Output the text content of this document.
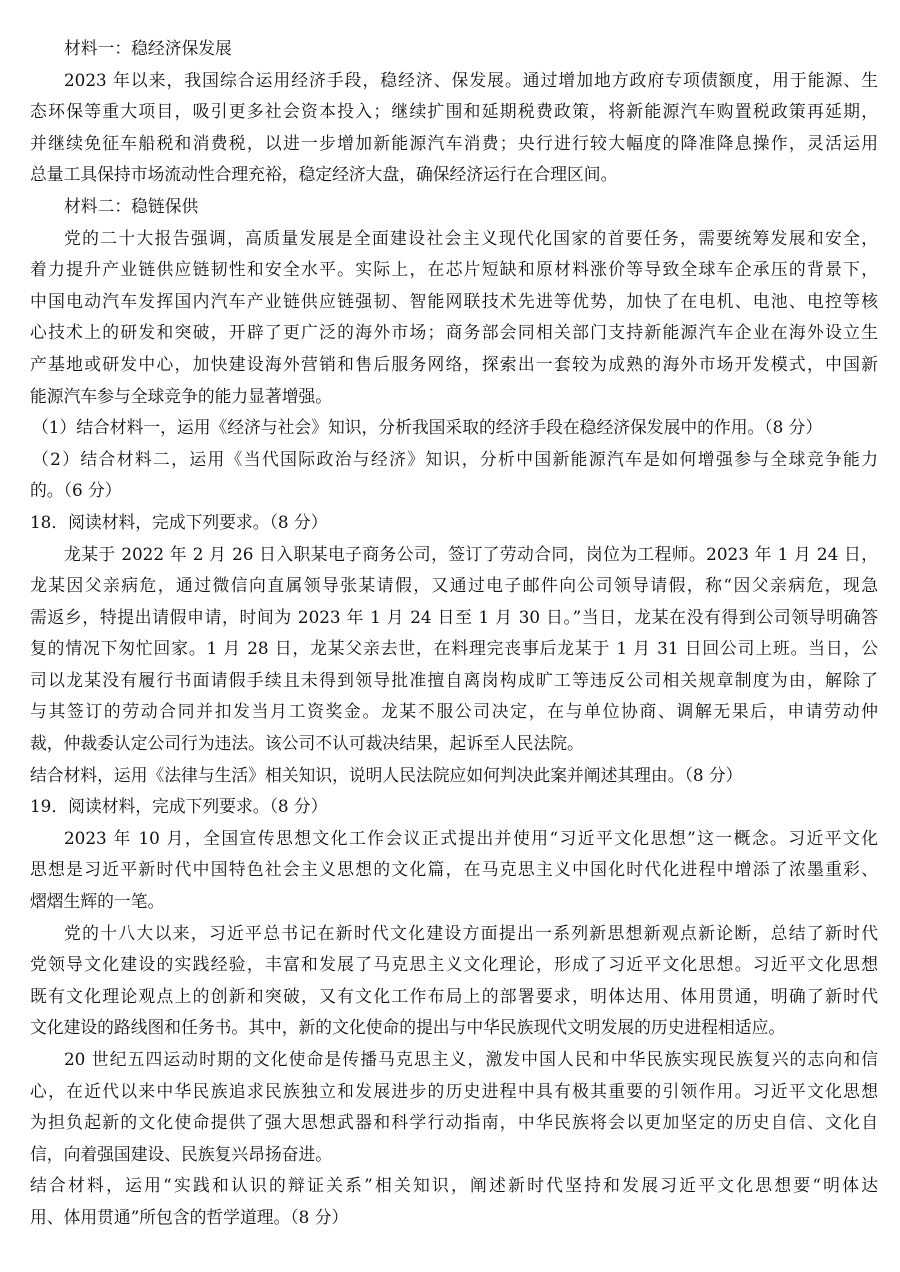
材料一：稳经济保发展
2023 年以来，我国综合运用经济手段，稳经济、保发展。通过增加地方政府专项债额度，用于能源、生
态环保等重大项目，吸引更多社会资本投入；继续扩围和延期税费政策，将新能源汽车购置税政策再延期，
并继续免征车船税和消费税，以进一步增加新能源汽车消费；央行进行较大幅度的降准降息操作，灵活运用
总量工具保持市场流动性合理充裕，稳定经济大盘，确保经济运行在合理区间。
材料二：稳链保供
党的二十大报告强调，高质量发展是全面建设社会主义现代化国家的首要任务，需要统筹发展和安全，
着力提升产业链供应链韧性和安全水平。实际上，在芯片短缺和原材料涨价等导致全球车企承压的背景下，
中国电动汽车发挥国内汽车产业链供应链强韧、智能网联技术先进等优势，加快了在电机、电池、电控等核
心技术上的研发和突破，开辟了更广泛的海外市场；商务部会同相关部门支持新能源汽车企业在海外设立生
产基地或研发中心，加快建设海外营销和售后服务网络，探索出一套较为成熟的海外市场开发模式，中国新
能源汽车参与全球竞争的能力显著增强。
（1）结合材料一，运用《经济与社会》知识，分析我国采取的经济手段在稳经济保发展中的作用。（8 分）
（2）结合材料二，运用《当代国际政治与经济》知识，分析中国新能源汽车是如何增强参与全球竞争能力
的。（6 分）
18．阅读材料，完成下列要求。（8 分）
龙某于 2022 年 2 月 26 日入职某电子商务公司，签订了劳动合同，岗位为工程师。2023 年 1 月 24 日，
龙某因父亲病危，通过微信向直属领导张某请假，又通过电子邮件向公司领导请假，称“因父亲病危，现急
需返乡，特提出请假申请，时间为 2023 年 1 月 24 日至 1 月 30 日。”当日，龙某在没有得到公司领导明确答
复的情况下匆忙回家。1 月 28 日，龙某父亲去世，在料理完丧事后龙某于 1 月 31 日回公司上班。当日，公
司以龙某没有履行书面请假手续且未得到领导批准擅自离岗构成旷工等违反公司相关规章制度为由，解除了
与其签订的劳动合同并扣发当月工资奖金。龙某不服公司决定，在与单位协商、调解无果后，申请劳动仲
裁，仲裁委认定公司行为违法。该公司不认可裁决结果，起诉至人民法院。
结合材料，运用《法律与生活》相关知识，说明人民法院应如何判决此案并阐述其理由。（8 分）
19．阅读材料，完成下列要求。（8 分）
2023 年 10 月，全国宣传思想文化工作会议正式提出并使用“习近平文化思想”这一概念。习近平文化
思想是习近平新时代中国特色社会主义思想的文化篇，在马克思主义中国化时代化进程中增添了浓墨重彩、
熠熠生辉的一笔。
党的十八大以来，习近平总书记在新时代文化建设方面提出一系列新思想新观点新论断，总结了新时代
党领导文化建设的实践经验，丰富和发展了马克思主义文化理论，形成了习近平文化思想。习近平文化思想
既有文化理论观点上的创新和突破，又有文化工作布局上的部署要求，明体达用、体用贯通，明确了新时代
文化建设的路线图和任务书。其中，新的文化使命的提出与中华民族现代文明发展的历史进程相适应。
20 世纪五四运动时期的文化使命是传播马克思主义，激发中国人民和中华民族实现民族复兴的志向和信
心，在近代以来中华民族追求民族独立和发展进步的历史进程中具有极其重要的引领作用。习近平文化思想
为担负起新的文化使命提供了强大思想武器和科学行动指南，中华民族将会以更加坚定的历史自信、文化自
信，向着强国建设、民族复兴昂扬奋进。
结合材料，运用“实践和认识的辩证关系”相关知识，阐述新时代坚持和发展习近平文化思想要“明体达
用、体用贯通”所包含的哲学道理。（8 分）
